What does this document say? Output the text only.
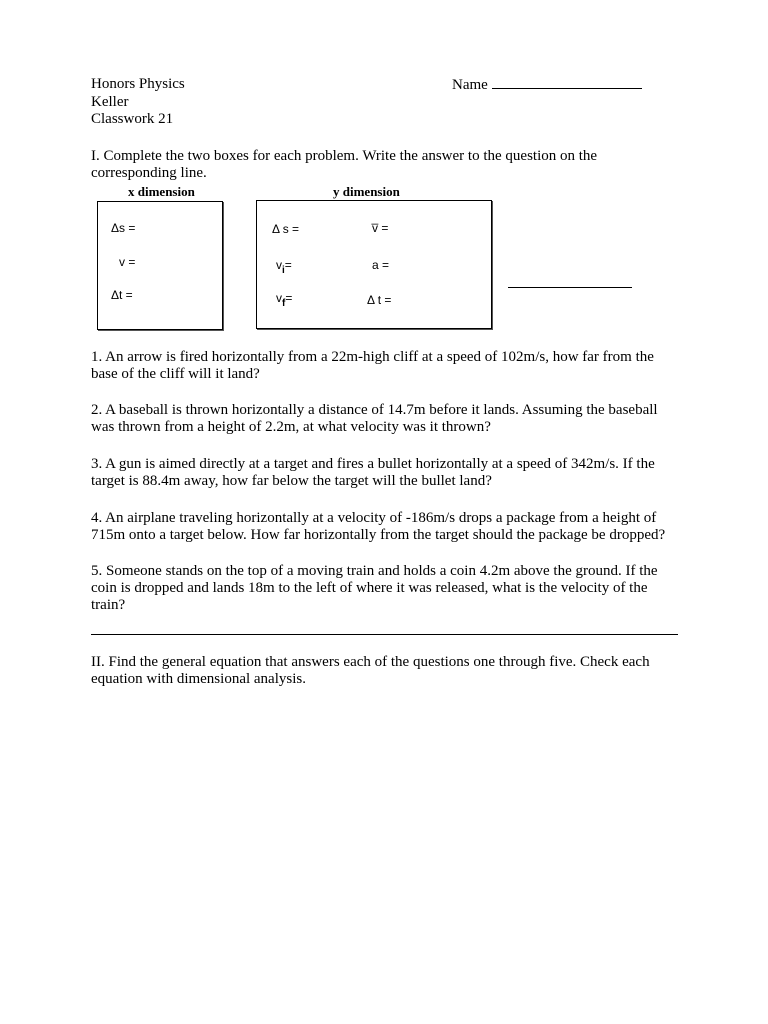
Honors Physics
Keller
Classwork 21
Name
I. Complete the two boxes for each problem. Write the answer to the question on the
corresponding line.
x dimension
Δs =
v =
Δt =
y dimension
Δ s =	v̅ =
$v_i=$	a =
$v_f=$	Δ t =
1. An arrow is fired horizontally from a 22m-high cliff at a speed of 102m/s, how far from the
base of the cliff will it land?
2. A baseball is thrown horizontally a distance of 14.7m before it lands. Assuming the baseball
was thrown from a height of 2.2m, at what velocity was it thrown?
3. A gun is aimed directly at a target and fires a bullet horizontally at a speed of 342m/s. If the
target is 88.4m away, how far below the target will the bullet land?
4. An airplane traveling horizontally at a velocity of -186m/s drops a package from a height of
715m onto a target below. How far horizontally from the target should the package be dropped?
5. Someone stands on the top of a moving train and holds a coin 4.2m above the ground. If the
coin is dropped and lands 18m to the left of where it was released, what is the velocity of the
train?
II. Find the general equation that answers each of the questions one through five. Check each
equation with dimensional analysis.
